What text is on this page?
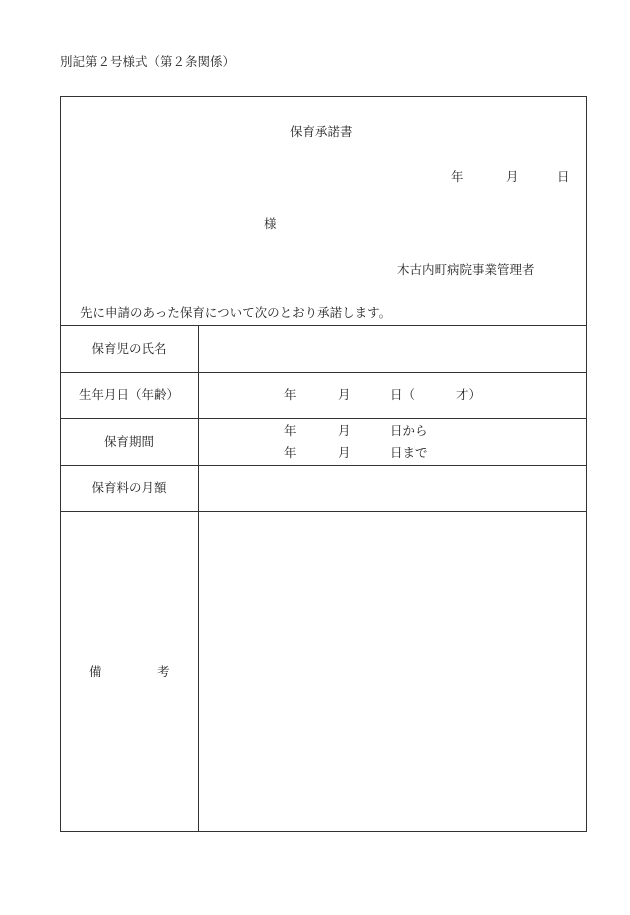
別記第２号様式（第２条関係）
保育承諾書
年	月	日
様
木古内町病院事業管理者
先に申請のあった保育について次のとおり承諾します。
保育児の氏名
生年月日（年齢）	年	月	日（	才）
保育期間
年	月	日から
年	月	日まで
保育料の月額
備	考
